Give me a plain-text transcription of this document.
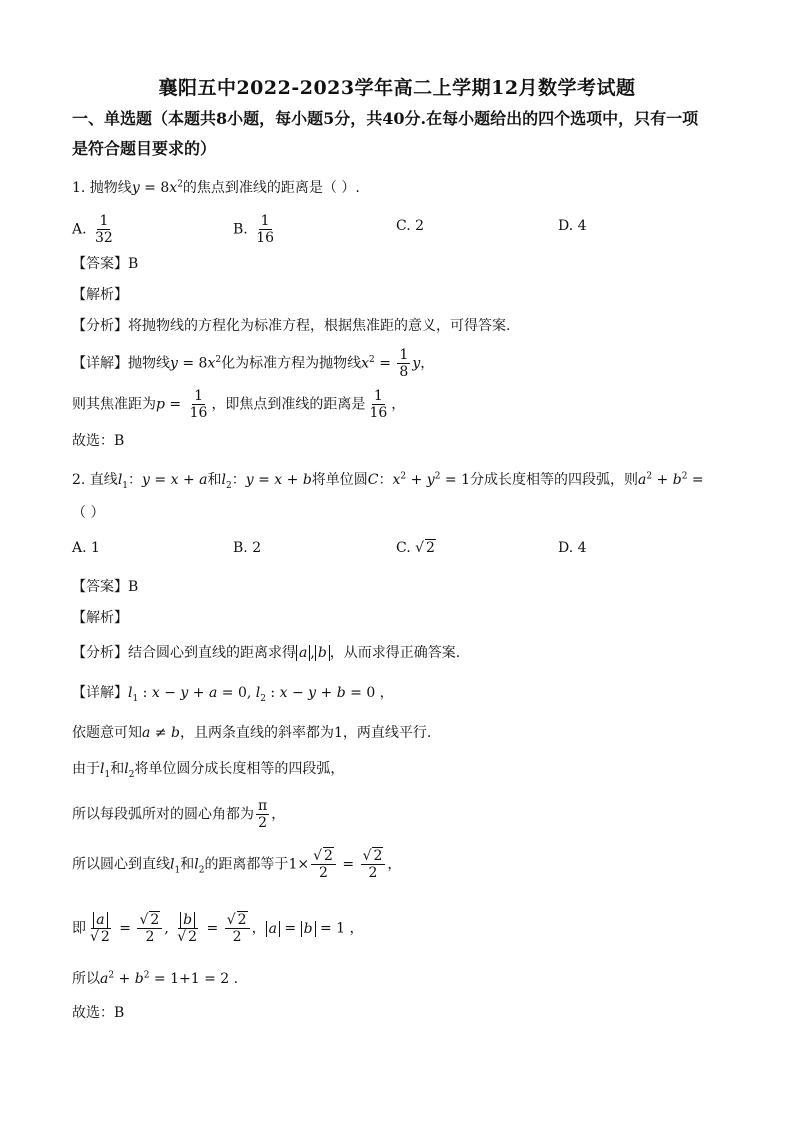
襄阳五中2022-2023学年高二上学期12月数学考试题
一、单选题（本题共8小题，每小题5分，共40分.在每小题给出的四个选项中，只有一项
是符合题目要求的）
1. 抛物线$y = 8x^2$的焦点到准线的距离是（ ）.
A. $\frac{1}{32}$	B. $\frac{1}{16}$	C. 2	D. 4
【答案】B
【解析】
【分析】将抛物线的方程化为标准方程，根据焦准距的意义，可得答案.
【详解】抛物线$y = 8x^2$化为标准方程为抛物线$x^2 = \frac{1}{8}$ y，
则其焦准距为$p = \frac{1}{16}$ ，即焦点到准线的距离是 $\frac{1}{16}$ ，
故选：B
2. 直线$l_1$：y = x + a和$l_2$：y = x + b将单位圆C：$x^2 + y^2 = 1$分成长度相等的四段弧，则$a^2 + b^2$ =
（ ）
A. 1	B. 2	C. √ 2	D. 4
【答案】B
【解析】
【分析】结合圆心到直线的距离求得 a , b ，从而求得正确答案.
【详解】$l_1$ : x − y + a = 0, $l_2$ : x − y + b = 0 ，
依题意可知a ≠ b，且两条直线的斜率都为1，两直线平行.
由于$l_1$和$l_2$将单位圆分成长度相等的四段弧，
所以每段弧所对的圆心角都为 $\frac{\pi}{2}$ ，
所以圆心到直线$l_1$和$l_2$的距离都等于$1\times \frac{√ 2}{2} = \frac{√ 2}{2}$ ，
即 $\frac{a}{√ 2} = \frac{√ 2}{2}$ , $\frac{b}{√ 2} = \frac{√ 2}{2}$ ， a = b = 1 ，
所以$a^2 + b^2 = 1+1 = 2$ .
故选：B
